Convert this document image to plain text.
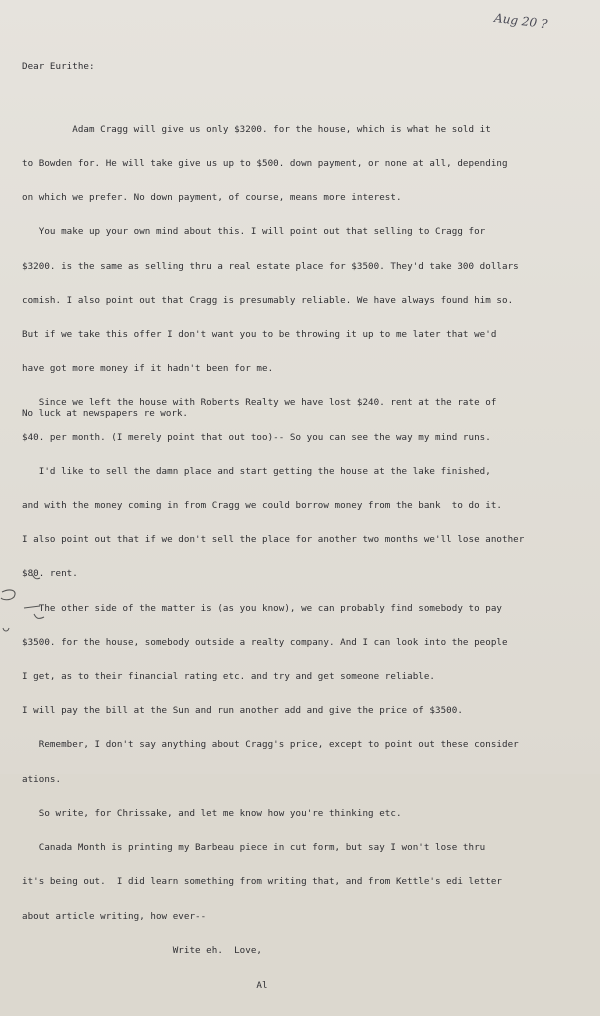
Aug 20 ?

Dear Eurithe:

Adam Cragg will give us only $3200. for the house, which is what he sold it

to Bowden for. He will take give us up to $500. down payment, or none at all, depending

on which we prefer. No down payment, of course, means more interest.

You make up your own mind about this. I will point out that selling to Cragg for

$3200. is the same as selling thru a real estate place for $3500. They'd take 300 dollars

comish. I also point out that Cragg is presumably reliable. We have always found him so.

But if we take this offer I don't want you to be throwing it up to me later that we'd

have got more money if it hadn't been for me.

Since we left the house with Roberts Realty we have lost $240. rent at the rate of

$40. per month. (I merely point that out too)-- So you can see the way my mind runs.

I'd like to sell the damn place and start getting the house at the lake finished,

and with the money coming in from Cragg we could borrow money from the bank  to do it.

I also point out that if we don't sell the place for another two months we'll lose another

$80. rent.

The other side of the matter is (as you know), we can probably find somebody to pay

$3500. for the house, somebody outside a realty company. And I can look into the people

I get, as to their financial rating etc. and try and get someone reliable.

I will pay the bill at the Sun and run another add and give the price of $3500.

Remember, I don't say anything about Cragg's price, except to point out these consider

ations.

So write, for Chrissake, and let me know how you're thinking etc.

Canada Month is printing my Barbeau piece in cut form, but say I won't lose thru

it's being out.  I did learn something from writing that, and from Kettle's edi letter

about article writing, how ever--

Write eh.  Love,

Al

No luck at newspapers re work.
